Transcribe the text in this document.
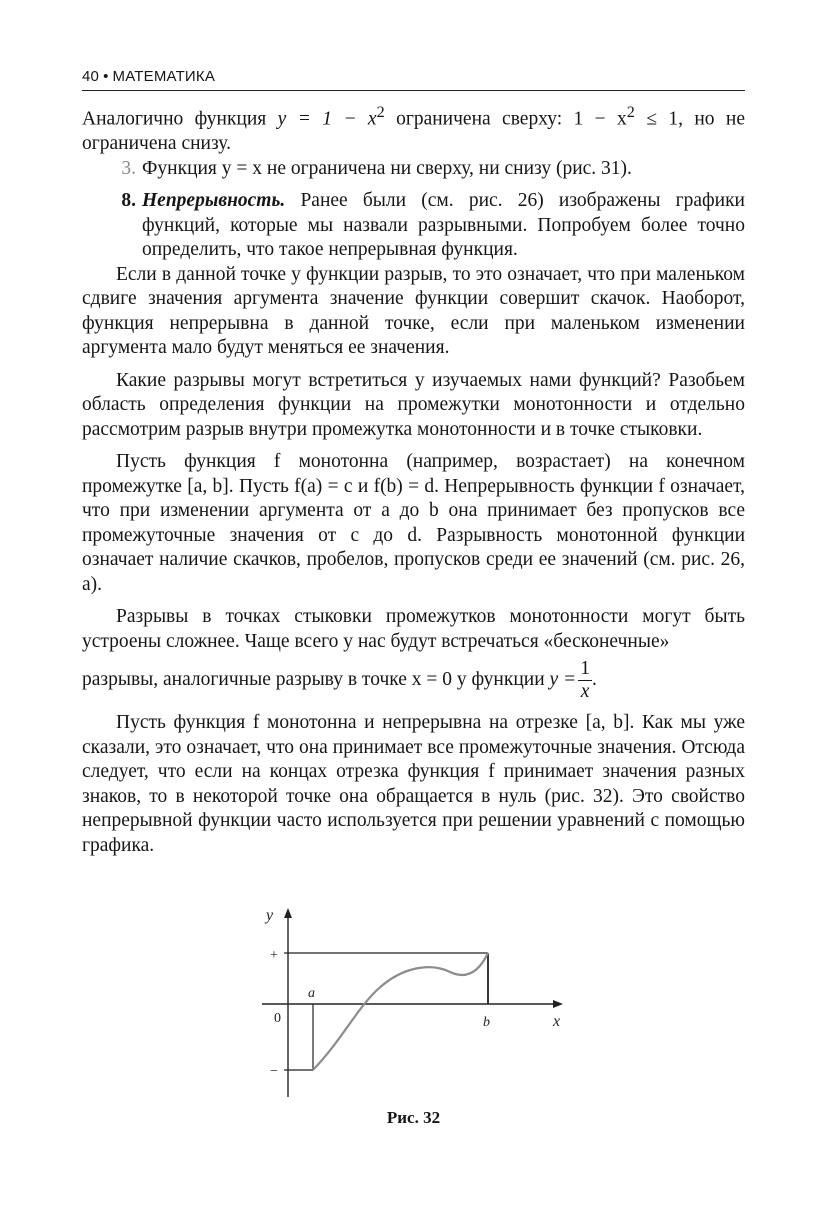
40 • МАТЕМАТИКА

Аналогично функция $y = 1 - x^2$ ограничена сверху: $1 - x^2 \le 1$, но не ограничена снизу.

3. Функция y = x не ограничена ни сверху, ни снизу (рис. 31).

8. Непрерывность. Ранее были (см. рис. 26) изображены графики функций, которые мы назвали разрывными. Попробуем более точно определить, что такое непрерывная функция.

Если в данной точке у функции разрыв, то это означает, что при маленьком сдвиге значения аргумента значение функции совершит скачок. Наоборот, функция непрерывна в данной точке, если при маленьком изменении аргумента мало будут меняться ее значения.

Какие разрывы могут встретиться у изучаемых нами функций? Разобьем область определения функции на промежутки монотонности и отдельно рассмотрим разрыв внутри промежутка монотонности и в точке стыковки.

Пусть функция f монотонна (например, возрастает) на конечном промежутке [a, b]. Пусть f(a) = c и f(b) = d. Непрерывность функции f означает, что при изменении аргумента от a до b она принимает без пропусков все промежуточные значения от c до d. Разрывность монотонной функции означает наличие скачков, пробелов, пропусков среди ее значений (см. рис. 26, a).

Разрывы в точках стыковки промежутков монотонности могут быть устроены сложнее. Чаще всего у нас будут встречаться «бесконечные»

разрывы, аналогичные разрыву в точке x = 0 у функции $y = \frac{1}{x}$ .

Пусть функция f монотонна и непрерывна на отрезке [a, b]. Как мы уже сказали, это означает, что она принимает все промежуточные значения. Отсюда следует, что если на концах отрезка функция f принимает значения разных знаков, то в некоторой точке она обращается в нуль (рис. 32). Это свойство непрерывной функции часто используется при решении уравнений с помощью графика.

y
+
−
0
a
b	x
Рис. 32
